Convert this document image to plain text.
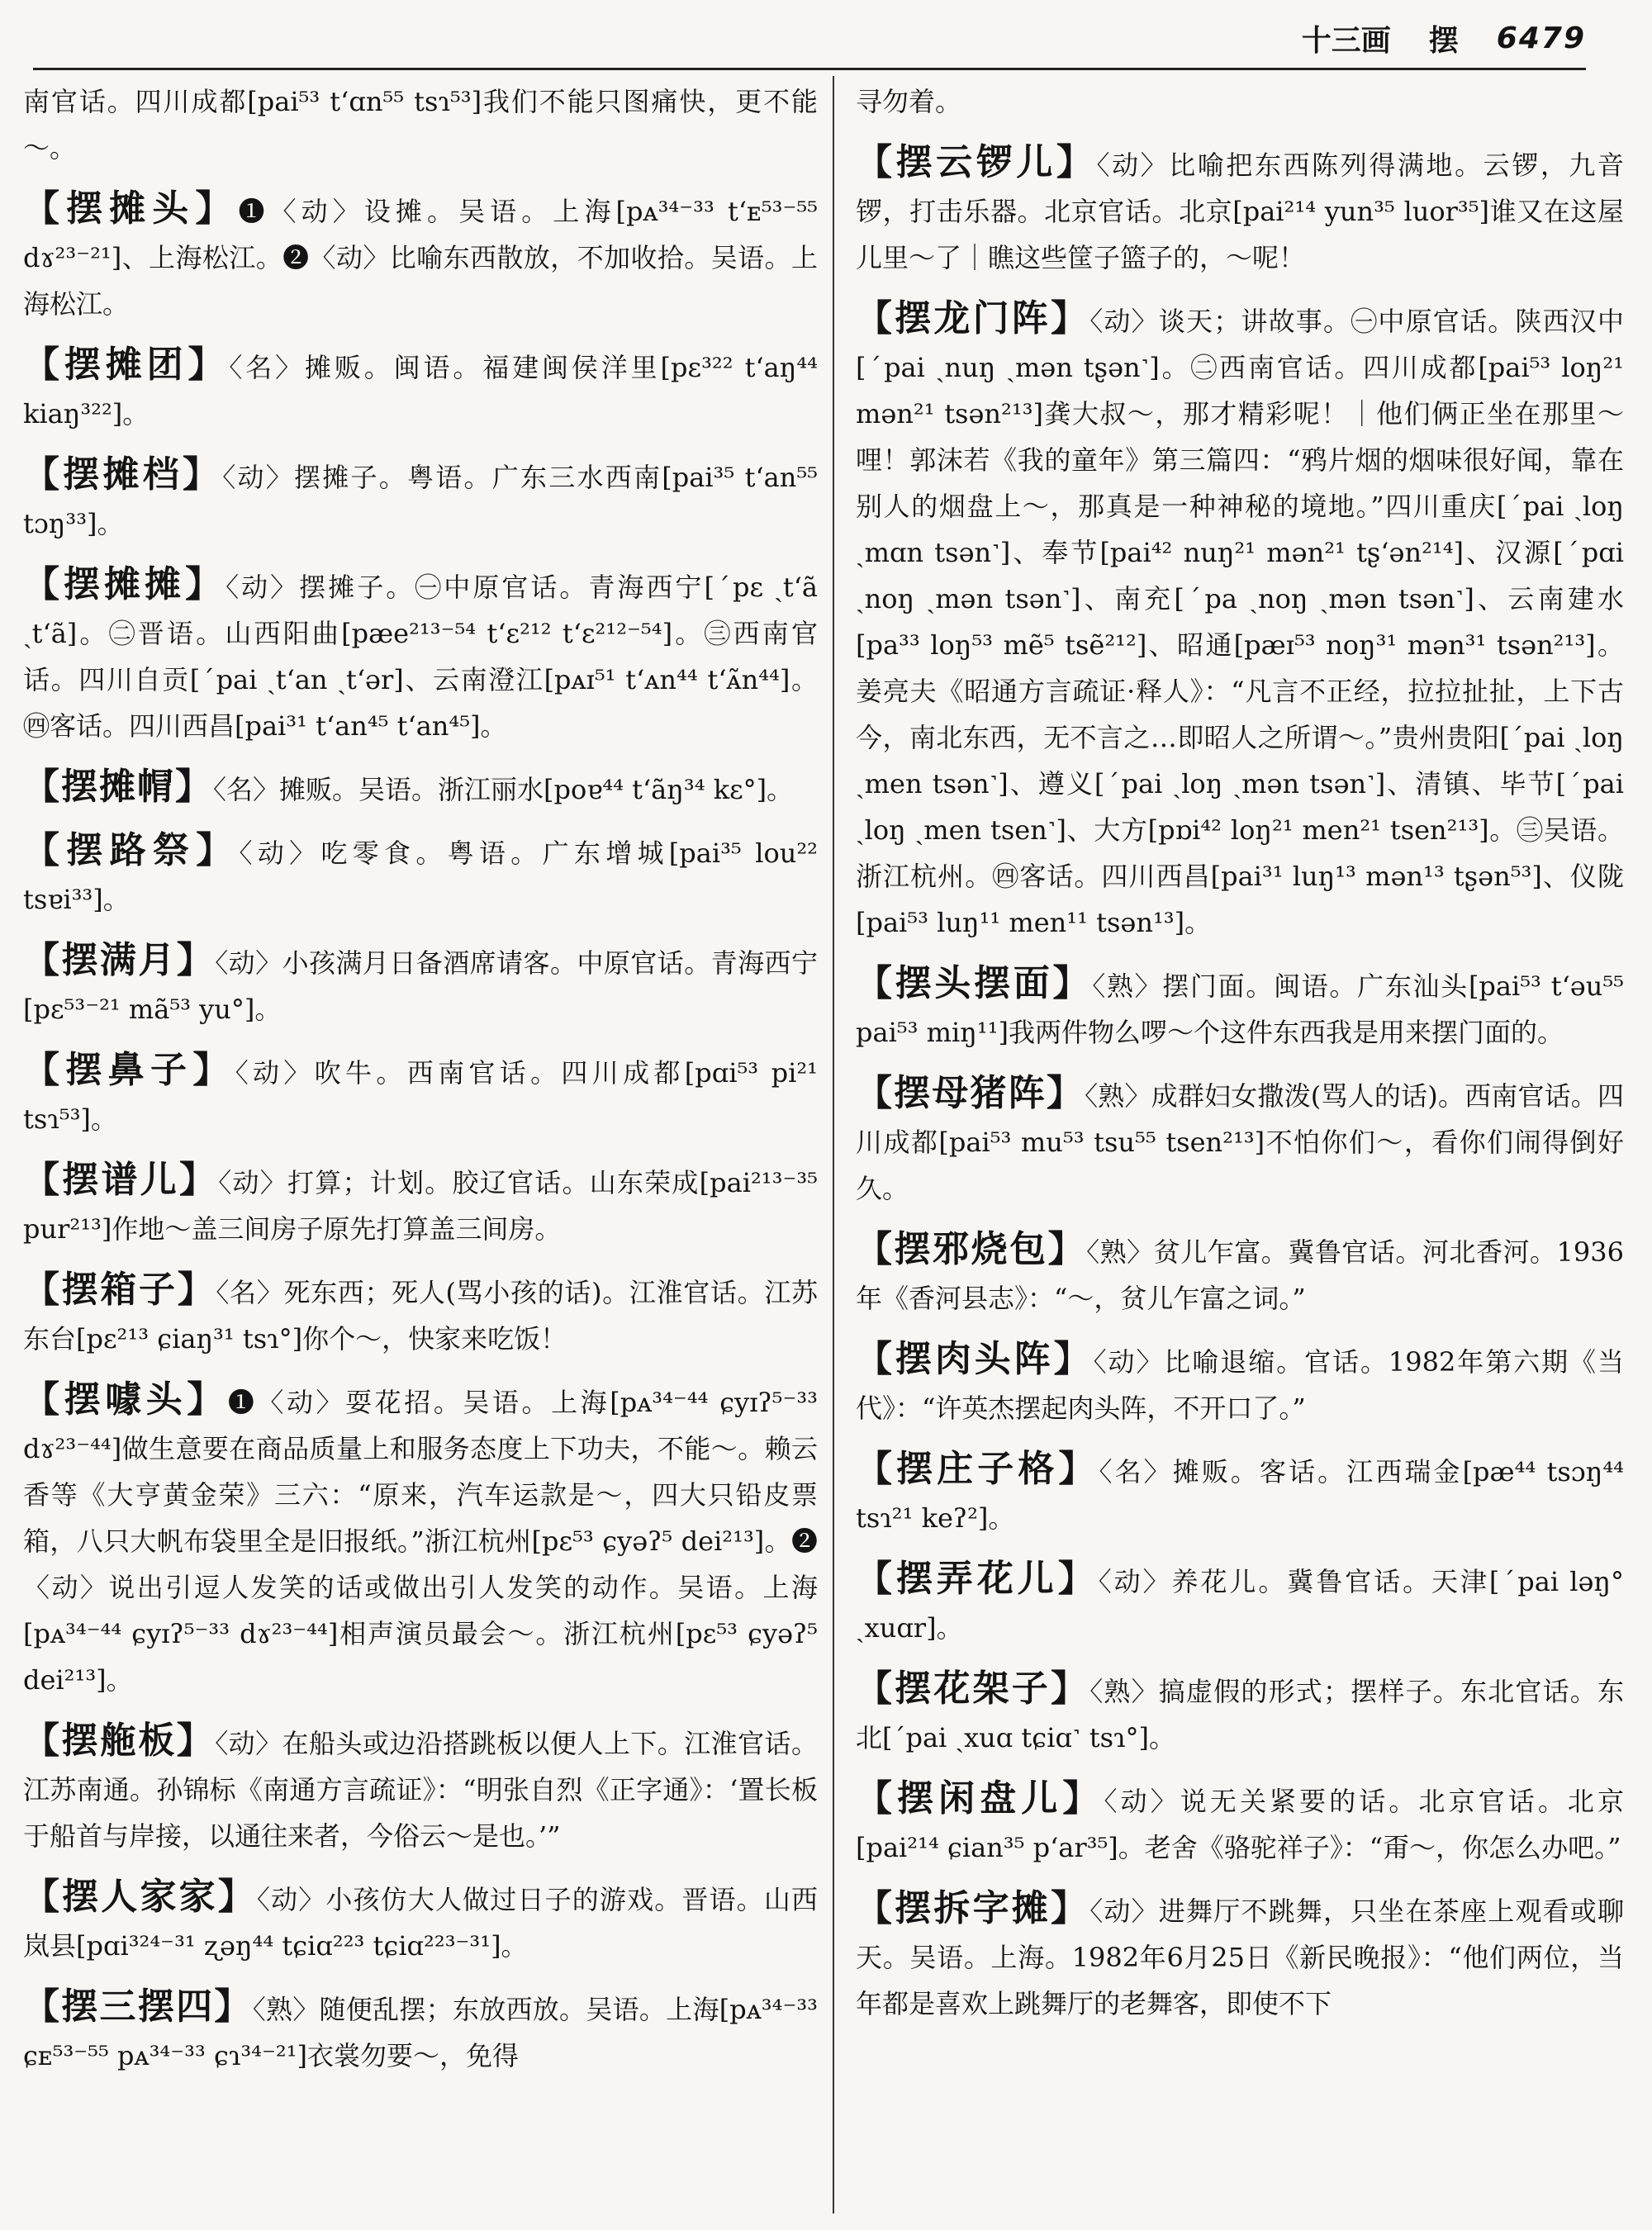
十三画 摆 6479
南官话。四川成都[pai⁵³ t‘ɑn⁵⁵ tsɿ⁵³]我们不能只图痛快，更不能～。
【摆摊头】❶〈动〉设摊。吴语。上海[pᴀ³⁴⁻³³ t‘ᴇ⁵³⁻⁵⁵ dɤ²³⁻²¹]、上海松江。❷〈动〉比喻东西散放，不加收拾。吴语。上海松江。
【摆摊团】〈名〉摊贩。闽语。福建闽侯洋里[pɛ³²² t‘aŋ⁴⁴ kiaŋ³²²]。
【摆摊档】〈动〉摆摊子。粤语。广东三水西南[pai³⁵ t‘an⁵⁵ tɔŋ³³]。
【摆摊摊】〈动〉摆摊子。㊀中原官话。青海西宁[ˊpɛ ˏt‘ã ˏt‘ã]。㊁晋语。山西阳曲[pæe²¹³⁻⁵⁴ t‘ɛ²¹² t‘ɛ²¹²⁻⁵⁴]。㊂西南官话。四川自贡[ˊpai ˏt‘an ˏt‘ər]、云南澄江[pᴀɪ⁵¹ t‘ᴀn⁴⁴ t‘ᴀ̃n⁴⁴]。㊃客话。四川西昌[pai³¹ t‘an⁴⁵ t‘an⁴⁵]。
【摆摊㡌】〈名〉摊贩。吴语。浙江丽水[poɐ⁴⁴ t‘ãŋ³⁴ kɛ°]。
【摆路祭】〈动〉吃零食。粤语。广东增城[pai³⁵ lou²² tsɐi³³]。
【摆满月】〈动〉小孩满月日备酒席请客。中原官话。青海西宁[pɛ⁵³⁻²¹ mã⁵³ yu°]。
【摆鼻子】〈动〉吹牛。西南官话。四川成都[pɑi⁵³ pi²¹ tsɿ⁵³]。
【摆谱儿】〈动〉打算；计划。胶辽官话。山东荣成[pai²¹³⁻³⁵ pur²¹³]作地～盖三间房子原先打算盖三间房。
【摆箱子】〈名〉死东西；死人(骂小孩的话)。江淮官话。江苏东台[pɛ²¹³ ɕiaŋ³¹ tsɿ°]你个～，快家来吃饭！
【摆噱头】❶〈动〉耍花招。吴语。上海[pᴀ³⁴⁻⁴⁴ ɕyɪʔ⁵⁻³³ dɤ²³⁻⁴⁴]做生意要在商品质量上和服务态度上下功夫，不能～。赖云香等《大亨黄金荣》三六：“原来，汽车运款是～，四大只铅皮票箱，八只大帆布袋里全是旧报纸。”浙江杭州[pɛ⁵³ ɕyəʔ⁵ dei²¹³]。❷〈动〉说出引逗人发笑的话或做出引人发笑的动作。吴语。上海[pᴀ³⁴⁻⁴⁴ ɕyɪʔ⁵⁻³³ dɤ²³⁻⁴⁴]相声演员最会～。浙江杭州[pɛ⁵³ ɕyəʔ⁵ dei²¹³]。
【摆䑨板】〈动〉在船头或边沿搭跳板以便人上下。江淮官话。江苏南通。孙锦标《南通方言疏证》：“明张自烈《正字通》：‘置长板于船首与岸接，以通往来者，今俗云～是也。’”
【摆人家家】〈动〉小孩仿大人做过日子的游戏。晋语。山西岚县[pɑi³²⁴⁻³¹ ʐəŋ⁴⁴ tɕiɑ²²³ tɕiɑ²²³⁻³¹]。
【摆三摆四】〈熟〉随便乱摆；东放西放。吴语。上海[pᴀ³⁴⁻³³ ɕᴇ⁵³⁻⁵⁵ pᴀ³⁴⁻³³ ɕɿ³⁴⁻²¹]衣裳勿要～，免得
寻勿着。
【摆云锣儿】〈动〉比喻把东西陈列得满地。云锣，九音锣，打击乐器。北京官话。北京[pai²¹⁴ yun³⁵ luor³⁵]谁又在这屋儿里～了｜瞧这些筐子篮子的，～呢！
【摆龙门阵】〈动〉谈天；讲故事。㊀中原官话。陕西汉中[ˊpai ˏnuŋ ˏmən tʂən˺]。㊁西南官话。四川成都[pai⁵³ loŋ²¹ mən²¹ tsən²¹³]龚大叔～，那才精彩呢！｜他们俩正坐在那里～哩！郭沫若《我的童年》第三篇四：“鸦片烟的烟味很好闻，靠在别人的烟盘上～，那真是一种神秘的境地。”四川重庆[ˊpai ˏloŋ ˏmɑn tsən˺]、奉节[pai⁴² nuŋ²¹ mən²¹ tʂ‘ən²¹⁴]、汉源[ˊpɑi ˏnoŋ ˏmən tsən˺]、南充[ˊpa ˏnoŋ ˏmən tsən˺]、云南建水[pa³³ loŋ⁵³ mẽ⁵ tsẽ²¹²]、昭通[pæɪ⁵³ noŋ³¹ mən³¹ tsən²¹³]。姜亮夫《昭通方言疏证·释人》：“凡言不正经，拉拉扯扯，上下古今，南北东西，无不言之…即昭人之所谓～。”贵州贵阳[ˊpai ˏloŋ ˏmen tsən˺]、遵义[ˊpai ˏloŋ ˏmən tsən˺]、清镇、毕节[ˊpai ˏloŋ ˏmen tsen˺]、大方[pɒi⁴² loŋ²¹ men²¹ tsen²¹³]。㊂吴语。浙江杭州。㊃客话。四川西昌[pai³¹ luŋ¹³ mən¹³ tʂən⁵³]、仪陇[pai⁵³ luŋ¹¹ men¹¹ tsən¹³]。
【摆头摆面】〈熟〉摆门面。闽语。广东汕头[pai⁵³ t‘əu⁵⁵ pai⁵³ miŋ¹¹]我两件物么啰～个这件东西我是用来摆门面的。
【摆母猪阵】〈熟〉成群妇女撒泼(骂人的话)。西南官话。四川成都[pai⁵³ mu⁵³ tsu⁵⁵ tsen²¹³]不怕你们～，看你们闹得倒好久。
【摆邪烧包】〈熟〉贫儿乍富。冀鲁官话。河北香河。1936年《香河县志》：“～，贫儿乍富之词。”
【摆肉头阵】〈动〉比喻退缩。官话。1982年第六期《当代》：“许英杰摆起肉头阵，不开口了。”
【摆庄子格】〈名〉摊贩。客话。江西瑞金[pæ⁴⁴ tsɔŋ⁴⁴ tsɿ²¹ keʔ²]。
【摆弄花儿】〈动〉养花儿。冀鲁官话。天津[ˊpai ləŋ° ˏxuɑr]。
【摆花架子】〈熟〉搞虚假的形式；摆样子。东北官话。东北[ˊpai ˏxuɑ tɕiɑ˺ tsɿ°]。
【摆闲盘儿】〈动〉说无关紧要的话。北京官话。北京[pai²¹⁴ ɕian³⁵ p‘ar³⁵]。老舍《骆驼祥子》：“甭～，你怎么办吧。”
【摆拆字摊】〈动〉进舞厅不跳舞，只坐在茶座上观看或聊天。吴语。上海。1982年6月25日《新民晚报》：“他们两位，当年都是喜欢上跳舞厅的老舞客，即使不下
